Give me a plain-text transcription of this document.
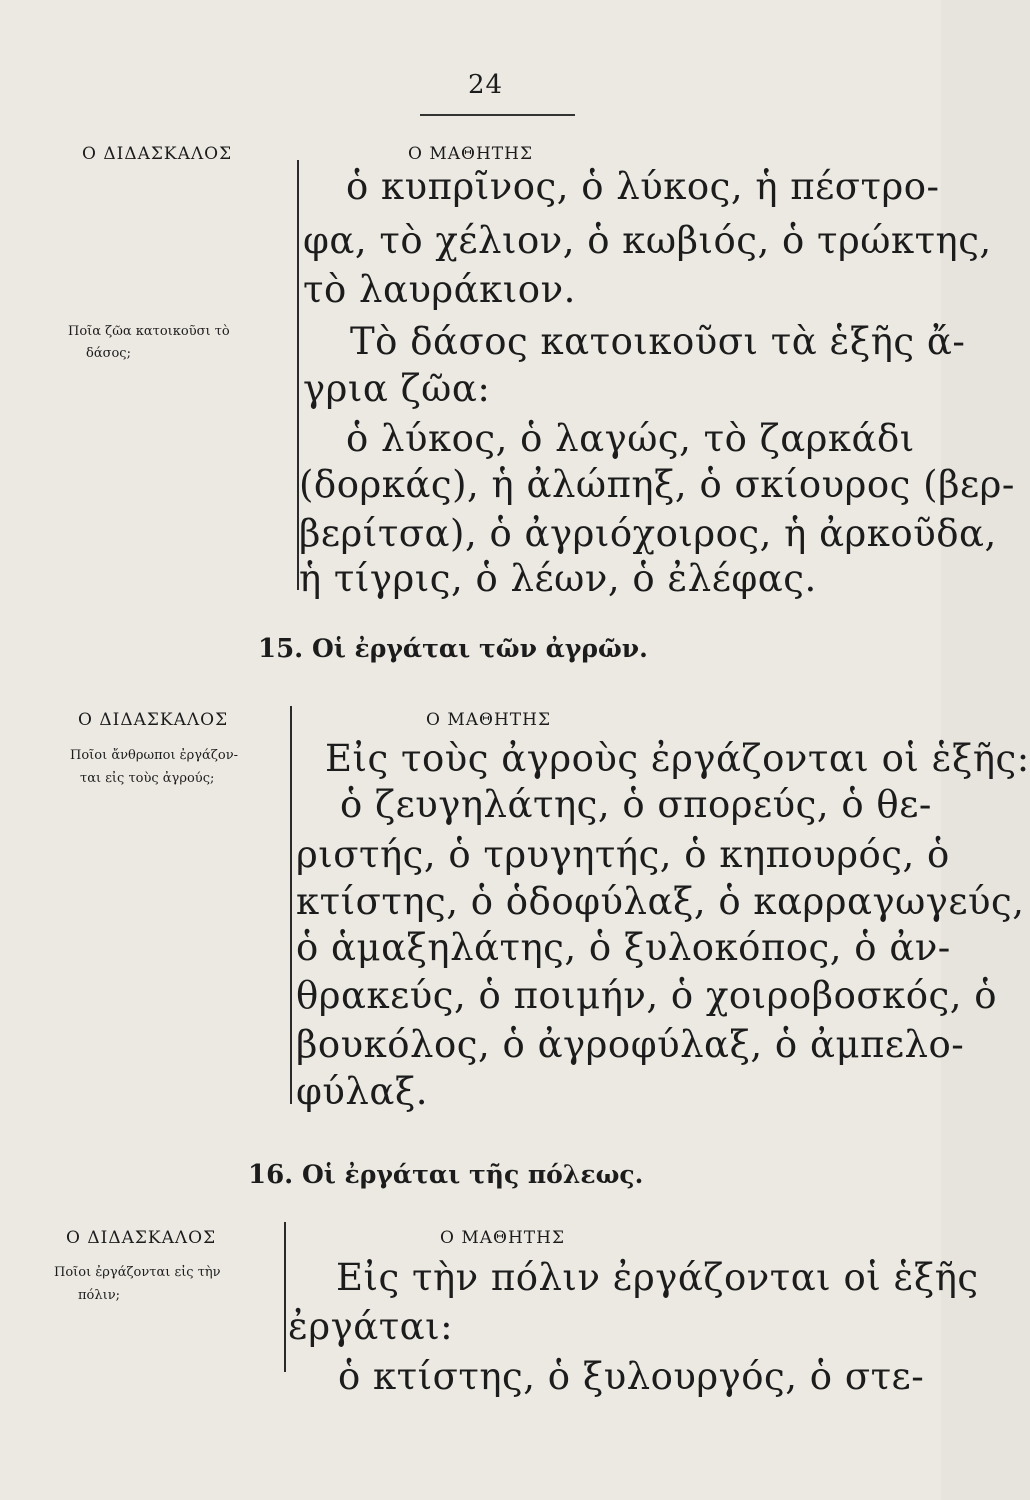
24
Ο ΔΙΔΑΣΚΑΛΟΣ	Ο ΜΑΘΗΤΗΣ
Ποῖα ζῶα κατοικοῦσι τὸ
δάσος;
ὁ κυπρῖνος, ὁ λύκος, ἡ πέστρο-
φα, τὸ χέλιον, ὁ κωβιός, ὁ τρώκτης,
τὸ λαυράκιον.
Τὸ δάσος κατοικοῦσι τὰ ἑξῆς ἄ-
γρια ζῶα:
ὁ λύκος, ὁ λαγώς, τὸ ζαρκάδι
(δορκάς), ἡ ἀλώπηξ, ὁ σκίουρος (βερ-
βερίτσα), ὁ ἀγριόχοιρος, ἡ ἀρκοῦδα,
ἡ τίγρις, ὁ λέων, ὁ ἐλέφας.
15. Οἱ ἐργάται τῶν ἀγρῶν.
Ο ΔΙΔΑΣΚΑΛΟΣ	Ο ΜΑΘΗΤΗΣ
Ποῖοι ἄνθρωποι ἐργάζον-
ται εἰς τοὺς ἀγρούς;	Εἰς τοὺς ἀγροὺς ἐργάζονται οἱ ἑξῆς:
ὁ ζευγηλάτης, ὁ σπορεύς, ὁ θε-
ριστής, ὁ τρυγητής, ὁ κηπουρός, ὁ
κτίστης, ὁ ὁδοφύλαξ, ὁ καρραγωγεύς,
ὁ ἁμαξηλάτης, ὁ ξυλοκόπος, ὁ ἀν-
θρακεύς, ὁ ποιμήν, ὁ χοιροβοσκός, ὁ
βουκόλος, ὁ ἀγροφύλαξ, ὁ ἀμπελο-
φύλαξ.
16. Οἱ ἐργάται τῆς πόλεως.
Ο ΔΙΔΑΣΚΑΛΟΣ	Ο ΜΑΘΗΤΗΣ
Ποῖοι ἐργάζονται εἰς τὴν
πόλιν;	Εἰς τὴν πόλιν ἐργάζονται οἱ ἑξῆς
ἐργάται:
ὁ κτίστης, ὁ ξυλουργός, ὁ στε-
